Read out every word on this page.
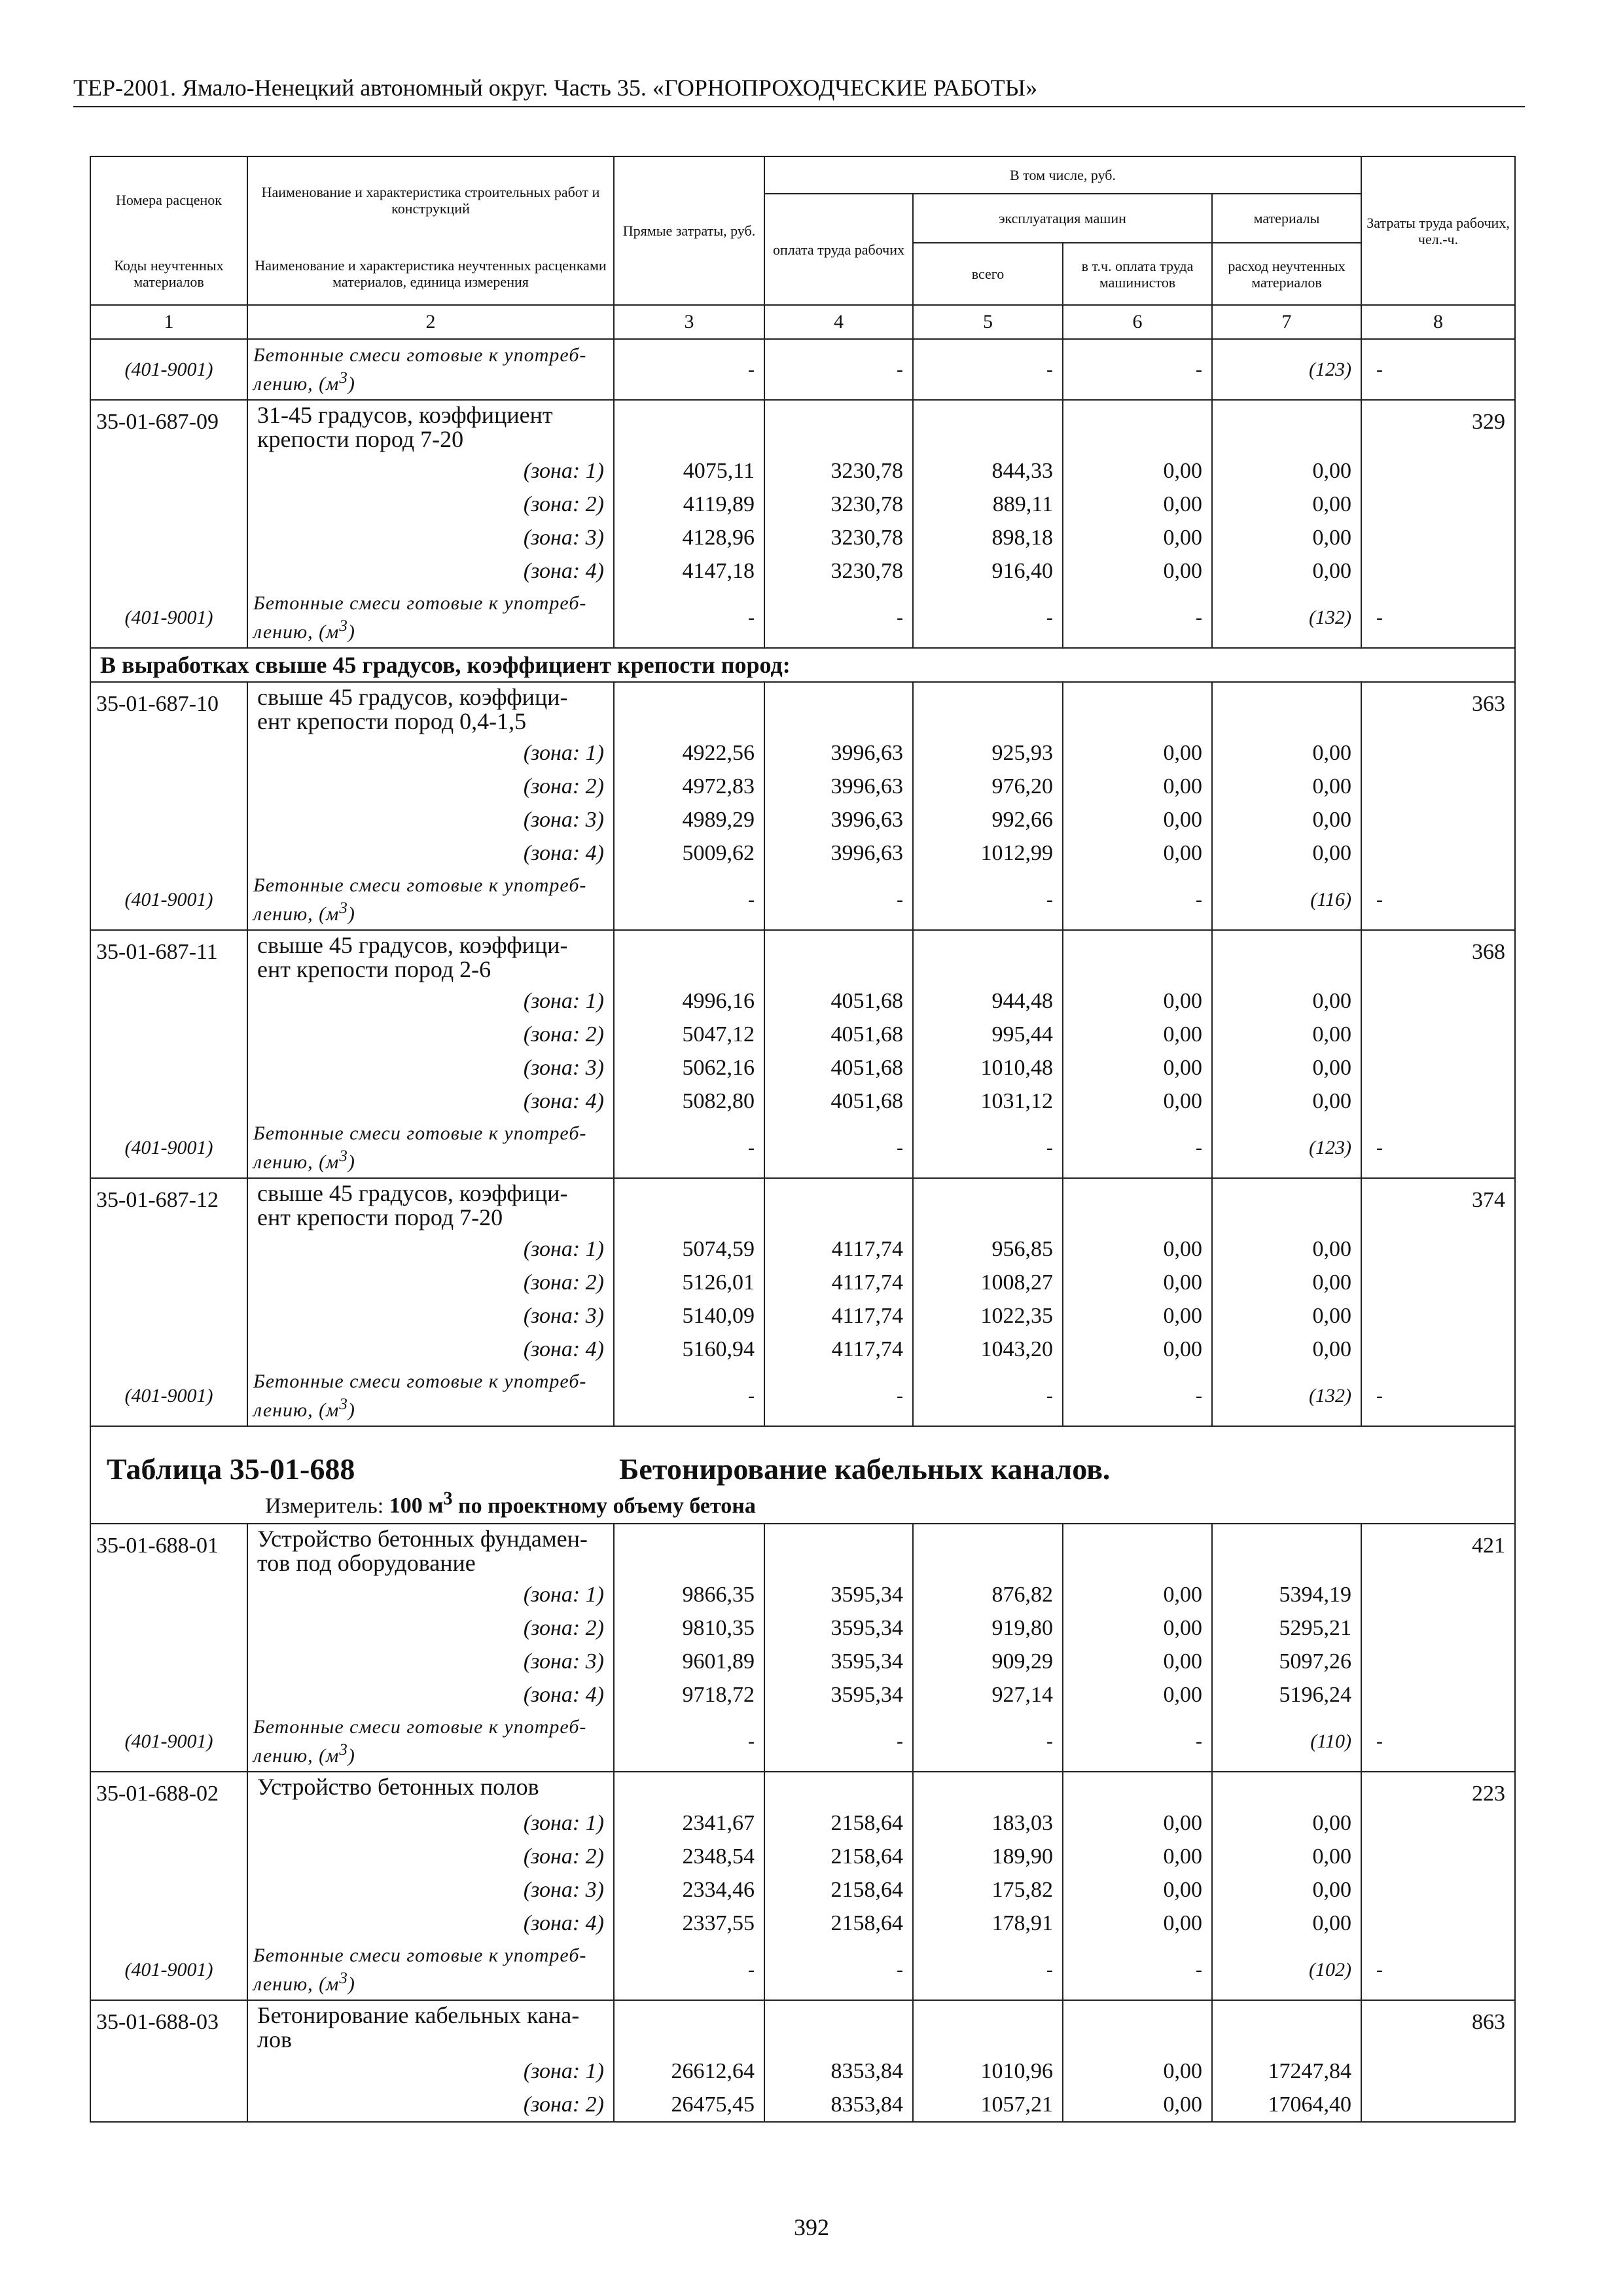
ТЕР-2001. Ямало-Ненецкий автономный округ. Часть 35. «ГОРНОПРОХОДЧЕСКИЕ РАБОТЫ»
Номера расценок	Наименование и характеристика строительных работ и конструкций	Прямые затраты, руб.	В том числе, руб.				Затраты труда рабочих, чел.-ч.
			оплата труда рабочих	эксплуатация машин		материалы	
Коды неучтенных материалов	Наименование и характеристика неучтенных расценками материалов, единица измерения			всего	в т.ч. оплата труда машинистов	расход неучтенных материалов	
1	2	3	4	5	6	7	8
(401-9001)	Бетонные смеси готовые к употреб-
лению, $(м^3)$	-	-	-	-	(123)	-
35-01-687-09	31-45 градусов, коэффициент
крепости пород 7-20						329
	(зона: 1)	4075,11	3230,78	844,33	0,00	0,00	
	(зона: 2)	4119,89	3230,78	889,11	0,00	0,00	
	(зона: 3)	4128,96	3230,78	898,18	0,00	0,00	
	(зона: 4)	4147,18	3230,78	916,40	0,00	0,00	
(401-9001)	Бетонные смеси готовые к употреб-
лению, $(м^3)$	-	-	-	-	(132)	-
В выработках свыше 45 градусов, коэффициент крепости пород:							
35-01-687-10	свыше 45 градусов, коэффици-
ент крепости пород 0,4-1,5						363
	(зона: 1)	4922,56	3996,63	925,93	0,00	0,00	
	(зона: 2)	4972,83	3996,63	976,20	0,00	0,00	
	(зона: 3)	4989,29	3996,63	992,66	0,00	0,00	
	(зона: 4)	5009,62	3996,63	1012,99	0,00	0,00	
(401-9001)	Бетонные смеси готовые к употреб-
лению, $(м^3)$	-	-	-	-	(116)	-
35-01-687-11	свыше 45 градусов, коэффици-
ент крепости пород 2-6						368
	(зона: 1)	4996,16	4051,68	944,48	0,00	0,00	
	(зона: 2)	5047,12	4051,68	995,44	0,00	0,00	
	(зона: 3)	5062,16	4051,68	1010,48	0,00	0,00	
	(зона: 4)	5082,80	4051,68	1031,12	0,00	0,00	
(401-9001)	Бетонные смеси готовые к употреб-
лению, $(м^3)$	-	-	-	-	(123)	-
35-01-687-12	свыше 45 градусов, коэффици-
ент крепости пород 7-20						374
	(зона: 1)	5074,59	4117,74	956,85	0,00	0,00	
	(зона: 2)	5126,01	4117,74	1008,27	0,00	0,00	
	(зона: 3)	5140,09	4117,74	1022,35	0,00	0,00	
	(зона: 4)	5160,94	4117,74	1043,20	0,00	0,00	
(401-9001)	Бетонные смеси готовые к употреб-
лению, $(м^3)$	-	-	-	-	(132)	-

Таблица 35-01-688 Бетонирование кабельных каналов.
Измеритель: 100 $м^3$ по проектному объему бетона							

35-01-688-01	Устройство бетонных фундамен-
тов под оборудование						421
	(зона: 1)	9866,35	3595,34	876,82	0,00	5394,19	
	(зона: 2)	9810,35	3595,34	919,80	0,00	5295,21	
	(зона: 3)	9601,89	3595,34	909,29	0,00	5097,26	
	(зона: 4)	9718,72	3595,34	927,14	0,00	5196,24	
(401-9001)	Бетонные смеси готовые к употреб-
лению, $(м^3)$	-	-	-	-	(110)	-
35-01-688-02	Устройство бетонных полов						223
	(зона: 1)	2341,67	2158,64	183,03	0,00	0,00	
	(зона: 2)	2348,54	2158,64	189,90	0,00	0,00	
	(зона: 3)	2334,46	2158,64	175,82	0,00	0,00	
	(зона: 4)	2337,55	2158,64	178,91	0,00	0,00	
(401-9001)	Бетонные смеси готовые к употреб-
лению, $(м^3)$	-	-	-	-	(102)	-
35-01-688-03	Бетонирование кабельных кана-
лов						863
	(зона: 1)	26612,64	8353,84	1010,96	0,00	17247,84	
	(зона: 2)	26475,45	8353,84	1057,21	0,00	17064,40	
392
